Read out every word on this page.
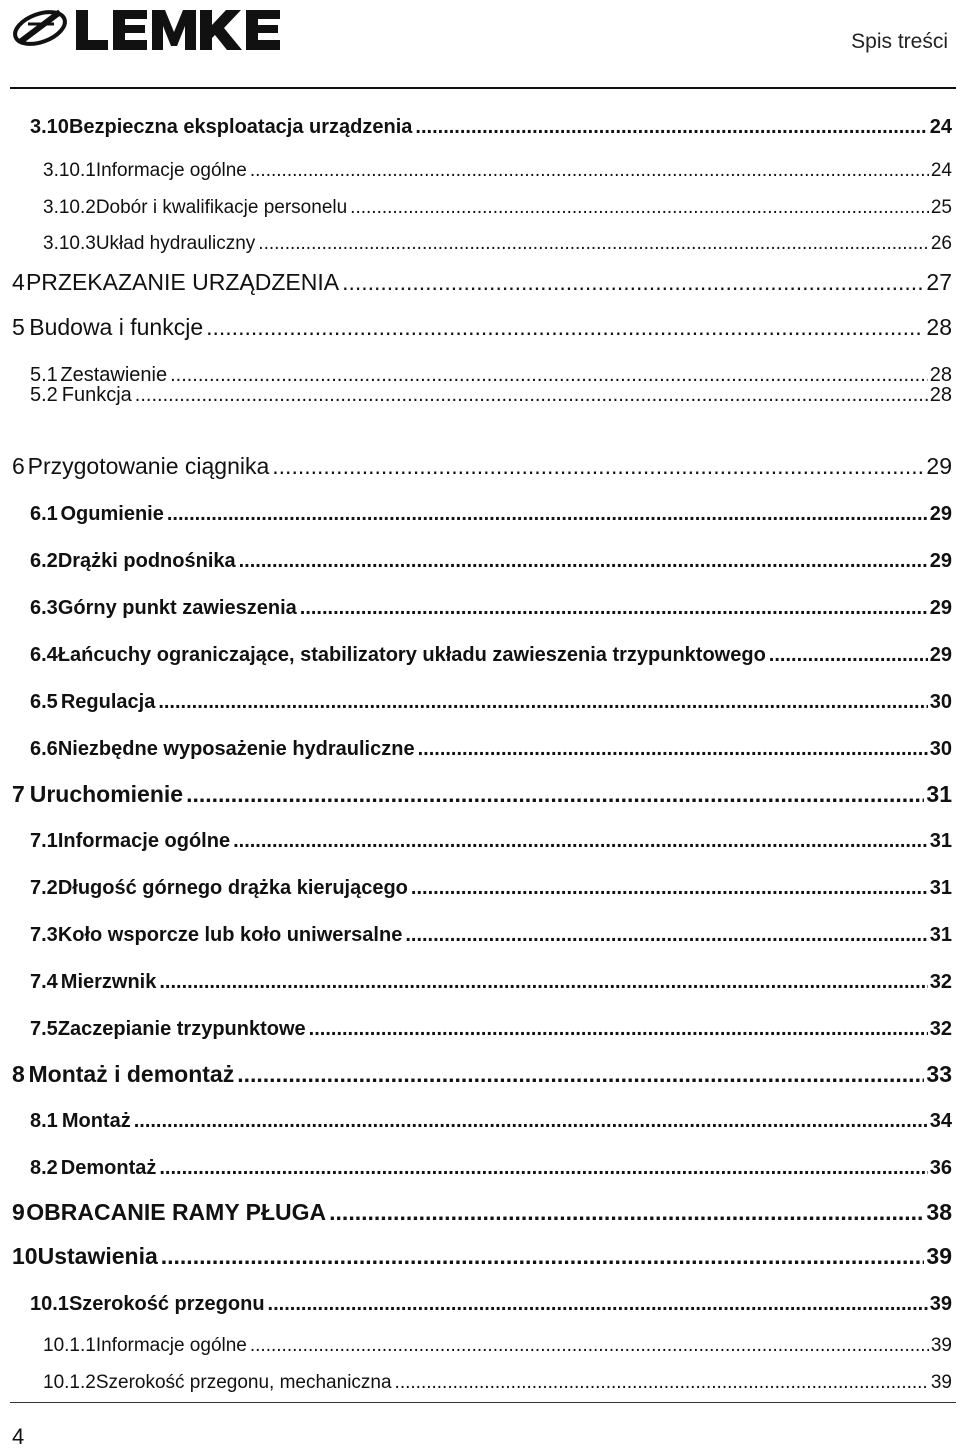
Spis treści
3.10 Bezpieczna eksploatacja urządzenia .....	24
3.10.1 Informacje ogólne .....	24
3.10.2 Dobór i kwalifikacje personelu .....	25
3.10.3 Układ hydrauliczny .....	26
4 PRZEKAZANIE URZĄDZENIA .....	27
5 Budowa i funkcje .....	28
5.1 Zestawienie .....	28
5.2 Funkcja .....	28
6 Przygotowanie ciągnika .....	29
6.1 Ogumienie .....	29
6.2 Drążki podnośnika .....	29
6.3 Górny punkt zawieszenia .....	29
6.4 Łańcuchy ograniczające, stabilizatory układu zawieszenia trzypunktowego .....	29
6.5 Regulacja .....	30
6.6 Niezbędne wyposażenie hydrauliczne .....	30
7 Uruchomienie .....	31
7.1 Informacje ogólne .....	31
7.2 Długość górnego drążka kierującego .....	31
7.3 Koło wsporcze lub koło uniwersalne .....	31
7.4 Mierzwnik .....	32
7.5 Zaczepianie trzypunktowe .....	32
8 Montaż i demontaż .....	33
8.1 Montaż .....	34
8.2 Demontaż .....	36
9 OBRACANIE RAMY PŁUGA .....	38
10 Ustawienia .....	39
10.1 Szerokość przegonu .....	39
10.1.1 Informacje ogólne .....	39
10.1.2 Szerokość przegonu, mechaniczna .....	39
4
